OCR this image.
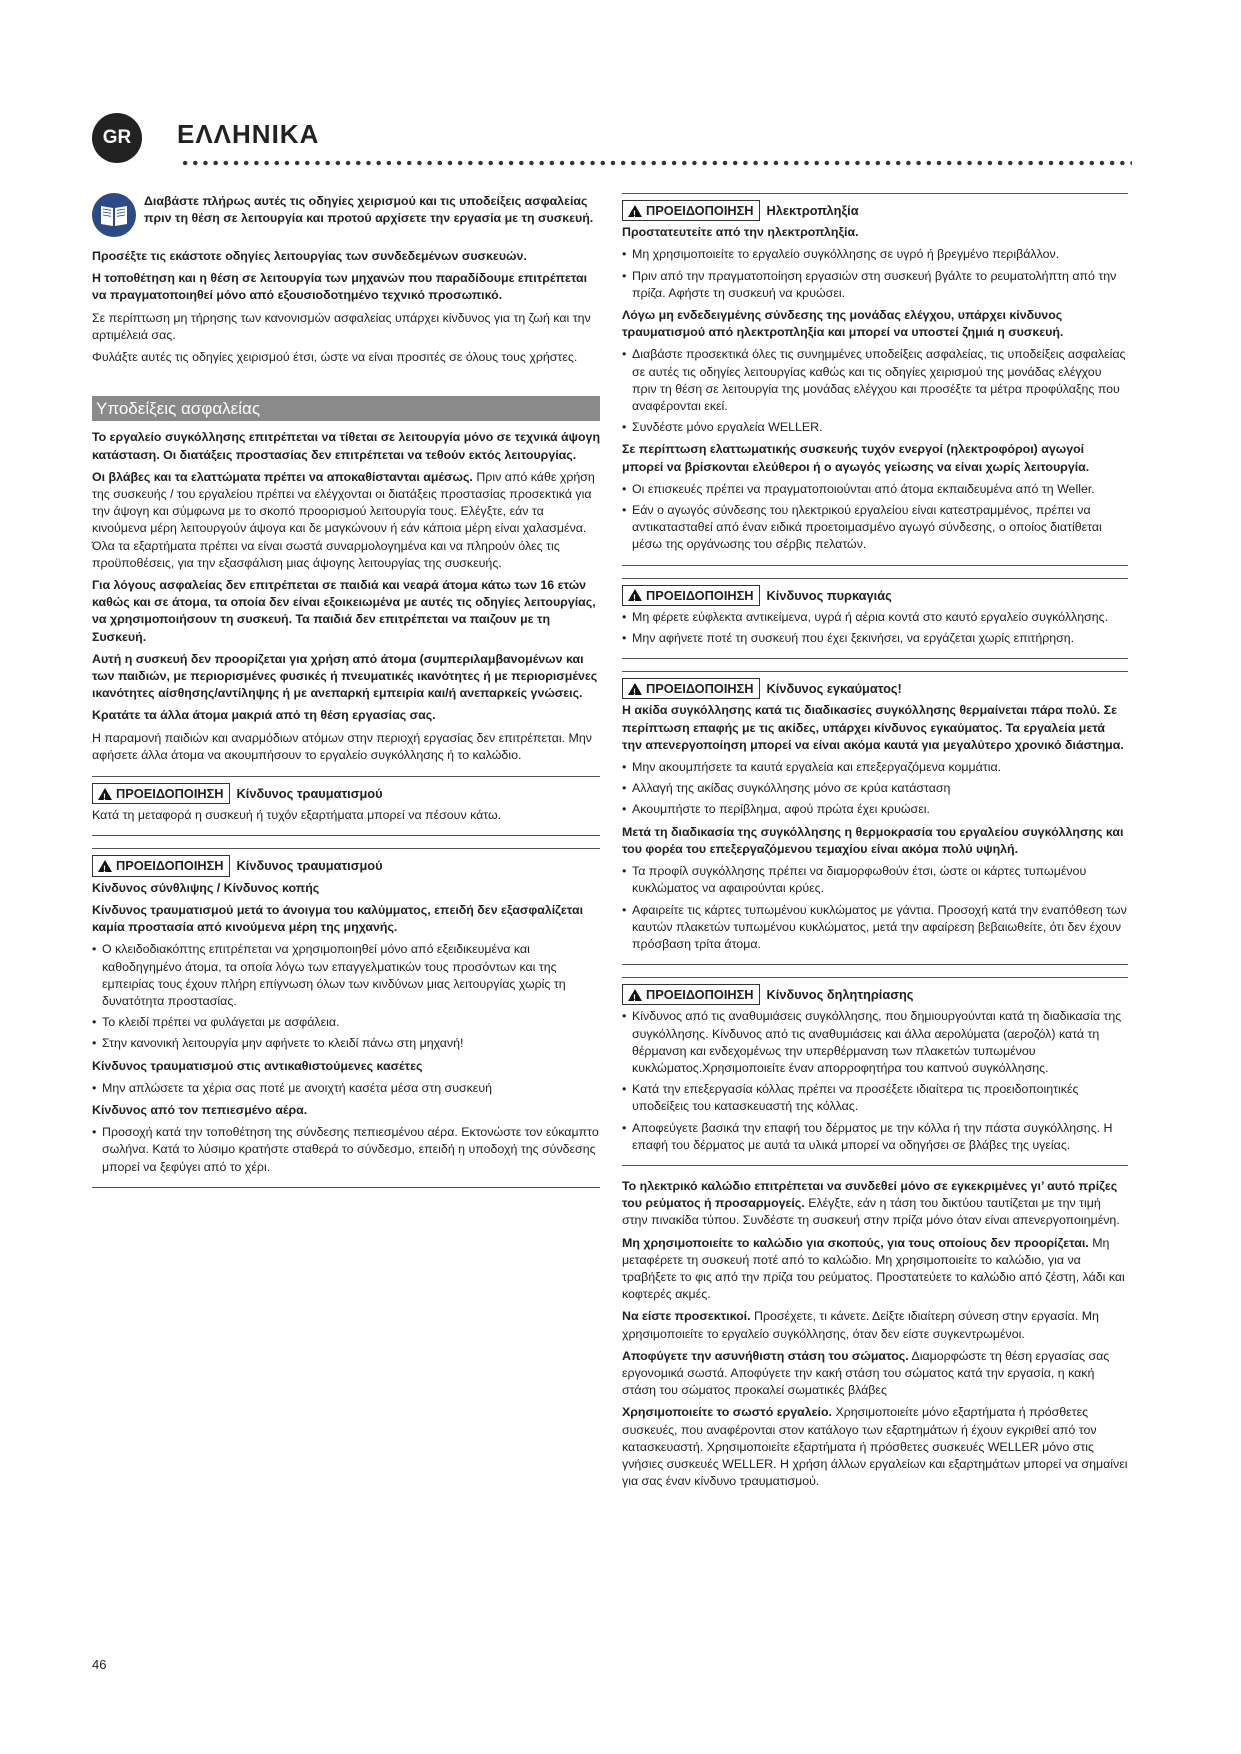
GR	ΕΛΛΗΝΙΚΑ

Διαβάστε πλήρως αυτές τις οδηγίες χειρισμού και τις υποδείξεις ασφαλείας πριν τη θέση σε λειτουργία και προτού αρχίσετε την εργασία με τη συσκευή.

Προσέξτε τις εκάστοτε οδηγίες λειτουργίας των συνδεδεμένων συσκευών.

Η τοποθέτηση και η θέση σε λειτουργία των μηχανών που παραδίδουμε επιτρέπεται να πραγματοποιηθεί μόνο από εξουσιοδοτημένο τεχνικό προσωπικό.

Σε περίπτωση μη τήρησης των κανονισμών ασφαλείας υπάρχει κίνδυνος για τη ζωή και την αρτιμέλειά σας.

Φυλάξτε αυτές τις οδηγίες χειρισμού έτσι, ώστε να είναι προσιτές σε όλους τους χρήστες.

Υποδείξεις ασφαλείας

Το εργαλείο συγκόλλησης επιτρέπεται να τίθεται σε λειτουργία μόνο σε τεχνικά άψογη κατάσταση. Οι διατάξεις προστασίας δεν επιτρέπεται να τεθούν εκτός λειτουργίας.

Οι βλάβες και τα ελαττώματα πρέπει να αποκαθίστανται αμέσως. Πριν από κάθε χρήση της συσκευής / του εργαλείου πρέπει να ελέγχονται οι διατάξεις προστασίας προσεκτικά για την άψογη και σύμφωνα με το σκοπό προορισμού λειτουργία τους. Ελέγξτε, εάν τα κινούμενα μέρη λειτουργούν άψογα και δε μαγκώνουν ή εάν κάποια μέρη είναι χαλασμένα. Όλα τα εξαρτήματα πρέπει να είναι σωστά συναρμολογημένα και να πληρούν όλες τις προϋποθέσεις, για την εξασφάλιση μιας άψογης λειτουργίας της συσκευής.

Για λόγους ασφαλείας δεν επιτρέπεται σε παιδιά και νεαρά άτομα κάτω των 16 ετών καθώς και σε άτομα, τα οποία δεν είναι εξοικειωμένα με αυτές τις οδηγίες λειτουργίας, να χρησιμοποιήσουν τη συσκευή. Τα παιδιά δεν επιτρέπεται να παιζουν με τη Συσκευή.

Αυτή η συσκευή δεν προορίζεται για χρήση από άτομα (συμπεριλαμβανομένων και των παιδιών, με περιορισμένες φυσικές ή πνευματικές ικανότητες ή με περιορισμένες ικανότητες αίσθησης/αντίληψης ή με ανεπαρκή εμπειρία και/ή ανεπαρκείς γνώσεις.

Κρατάτε τα άλλα άτομα μακριά από τη θέση εργασίας σας.

Η παραμονή παιδιών και αναρμόδιων ατόμων στην περιοχή εργασίας δεν επιτρέπεται. Μην αφήσετε άλλα άτομα να ακουμπήσουν το εργαλείο συγκόλλησης ή το καλώδιο.

!
ΠΡΟΕΙΔΟΠΟΙΗΣΗ	Κίνδυνος τραυματισμού

Κατά τη μεταφορά η συσκευή ή τυχόν εξαρτήματα μπορεί να πέσουν κάτω.

!
ΠΡΟΕΙΔΟΠΟΙΗΣΗ	Κίνδυνος τραυματισμού

Κίνδυνος σύνθλιψης / Κίνδυνος κοπής

Κίνδυνος τραυματισμού μετά το άνοιγμα του καλύμματος, επειδή δεν εξασφαλίζεται καμία προστασία από κινούμενα μέρη της μηχανής.

• Ο κλειδοδιακόπτης επιτρέπεται να χρησιμοποιηθεί μόνο από εξειδικευμένα και καθοδηγημένο άτομα, τα οποία λόγω των επαγγελματικών τους προσόντων και της εμπειρίας τους έχουν πλήρη επίγνωση όλων των κινδύνων μιας λειτουργίας χωρίς τη δυνατότητα προστασίας.
• Το κλειδί πρέπει να φυλάγεται με ασφάλεια.
• Στην κανονική λειτουργία μην αφήνετε το κλειδί πάνω στη μηχανή!

Κίνδυνος τραυματισμού στις αντικαθιστούμενες κασέτες

• Μην απλώσετε τα χέρια σας ποτέ με ανοιχτή κασέτα μέσα στη συσκευή

Κίνδυνος από τον πεπιεσμένο αέρα.

• Προσοχή κατά την τοποθέτηση της σύνδεσης πεπιεσμένου αέρα. Εκτονώστε τον εύκαμπτο σωλήνα. Κατά το λύσιμο κρατήστε σταθερά το σύνδεσμο, επειδή η υποδοχή της σύνδεσης μπορεί να ξεφύγει από το χέρι.
!
ΠΡΟΕΙΔΟΠΟΙΗΣΗ	Ηλεκτροπληξία

Προστατευτείτε από την ηλεκτροπληξία.

• Μη χρησιμοποιείτε το εργαλείο συγκόλλησης σε υγρό ή βρεγμένο περιβάλλον.
• Πριν από την πραγματοποίηση εργασιών στη συσκευή βγάλτε το ρευματολήπτη από την πρίζα. Αφήστε τη συσκευή να κρυώσει.

Λόγω μη ενδεδειγμένης σύνδεσης της μονάδας ελέγχου, υπάρχει κίνδυνος τραυματισμού από ηλεκτροπληξία και μπορεί να υποστεί ζημιά η συσκευή.

• Διαβάστε προσεκτικά όλες τις συνημμένες υποδείξεις ασφαλείας, τις υποδείξεις ασφαλείας σε αυτές τις οδηγίες λειτουργίας καθώς και τις οδηγίες χειρισμού της μονάδας ελέγχου πριν τη θέση σε λειτουργία της μονάδας ελέγχου και προσέξτε τα μέτρα προφύλαξης που αναφέρονται εκεί.
• Συνδέστε μόνο εργαλεία WELLER.

Σε περίπτωση ελαττωματικής συσκευής τυχόν ενεργοί (ηλεκτροφόροι) αγωγοί μπορεί να βρίσκονται ελεύθεροι ή ο αγωγός γείωσης να είναι χωρίς λειτουργία.

• Οι επισκευές πρέπει να πραγματοποιούνται από άτομα εκπαιδευμένα από τη Weller.
• Εάν ο αγωγός σύνδεσης του ηλεκτρικού εργαλείου είναι κατεστραμμένος, πρέπει να αντικατασταθεί από έναν ειδικά προετοιμασμένο αγωγό σύνδεσης, ο οποίος διατίθεται μέσω της οργάνωσης του σέρβις πελατών.
!
ΠΡΟΕΙΔΟΠΟΙΗΣΗ	Κίνδυνος πυρκαγιάς
• Μη φέρετε εύφλεκτα αντικείμενα, υγρά ή αέρια κοντά στο καυτό εργαλείο συγκόλλησης.
• Μην αφήνετε ποτέ τη συσκευή που έχει ξεκινήσει, να εργάζεται χωρίς επιτήρηση.
!
ΠΡΟΕΙΔΟΠΟΙΗΣΗ	Κίνδυνος εγκαύματος!

Η ακίδα συγκόλλησης κατά τις διαδικασίες συγκόλλησης θερμαίνεται πάρα πολύ. Σε περίπτωση επαφής με τις ακίδες, υπάρχει κίνδυνος εγκαύματος. Τα εργαλεία μετά την απενεργοποίηση μπορεί να είναι ακόμα καυτά για μεγαλύτερο χρονικό διάστημα.

• Μην ακουμπήσετε τα καυτά εργαλεία και επεξεργαζόμενα κομμάτια.
• Αλλαγή της ακίδας συγκόλλησης μόνο σε κρύα κατάσταση
• Ακουμπήστε το περίβλημα, αφού πρώτα έχει κρυώσει.

Μετά τη διαδικασία της συγκόλλησης η θερμοκρασία του εργαλείου συγκόλλησης και του φορέα του επεξεργαζόμενου τεμαχίου είναι ακόμα πολύ υψηλή.

• Τα προφίλ συγκόλλησης πρέπει να διαμορφωθούν έτσι, ώστε οι κάρτες τυπωμένου κυκλώματος να αφαιρούνται κρύες.
• Αφαιρείτε τις κάρτες τυπωμένου κυκλώματος με γάντια. Προσοχή κατά την εναπόθεση των καυτών πλακετών τυπωμένου κυκλώματος, μετά την αφαίρεση βεβαιωθείτε, ότι δεν έχουν πρόσβαση τρίτα άτομα.
!
ΠΡΟΕΙΔΟΠΟΙΗΣΗ	Κίνδυνος δηλητηρίασης
• Κίνδυνος από τις αναθυμιάσεις συγκόλλησης, που δημιουργούνται κατά τη διαδικασία της συγκόλλησης. Κίνδυνος από τις αναθυμιάσεις και άλλα αερολύματα (αεροζόλ) κατά τη θέρμανση και ενδεχομένως την υπερθέρμανση των πλακετών τυπωμένου κυκλώματος.Χρησιμοποιείτε έναν απορροφητήρα του καπνού συγκόλλησης.
• Κατά την επεξεργασία κόλλας πρέπει να προσέξετε ιδιαίτερα τις προειδοποιητικές υποδείξεις του κατασκευαστή της κόλλας.
• Αποφεύγετε βασικά την επαφή του δέρματος με την κόλλα ή την πάστα συγκόλλησης. Η επαφή του δέρματος με αυτά τα υλικά μπορεί να οδηγήσει σε βλάβες της υγείας.

Το ηλεκτρικό καλώδιο επιτρέπεται να συνδεθεί μόνο σε εγκεκριμένες γι’ αυτό πρίζες του ρεύματος ή προσαρμογείς. Ελέγξτε, εάν η τάση του δικτύου ταυτίζεται με την τιμή στην πινακίδα τύπου. Συνδέστε τη συσκευή στην πρίζα μόνο όταν είναι απενεργοποιημένη.

Μη χρησιμοποιείτε το καλώδιο για σκοπούς, για τους οποίους δεν προορίζεται. Μη μεταφέρετε τη συσκευή ποτέ από το καλώδιο. Μη χρησιμοποιείτε το καλώδιο, για να τραβήξετε το φις από την πρίζα του ρεύματος. Προστατεύετε το καλώδιο από ζέστη, λάδι και κοφτερές ακμές.

Να είστε προσεκτικοί. Προσέχετε, τι κάνετε. Δείξτε ιδιαίτερη σύνεση στην εργασία. Μη χρησιμοποιείτε το εργαλείο συγκόλλησης, όταν δεν είστε συγκεντρωμένοι.

Αποφύγετε την ασυνήθιστη στάση του σώματος. Διαμορφώστε τη θέση εργασίας σας εργονομικά σωστά. Αποφύγετε την κακή στάση του σώματος κατά την εργασία, η κακή στάση του σώματος προκαλεί σωματικές βλάβες

Χρησιμοποιείτε το σωστό εργαλείο. Χρησιμοποιείτε μόνο εξαρτήματα ή πρόσθετες συσκευές, που αναφέρονται στον κατάλογο των εξαρτημάτων ή έχουν εγκριθεί από τον κατασκευαστή. Χρησιμοποιείτε εξαρτήματα ή πρόσθετες συσκευές WELLER μόνο στις γνήσιες συσκευές WELLER. Η χρήση άλλων εργαλείων και εξαρτημάτων μπορεί να σημαίνει για σας έναν κίνδυνο τραυματισμού.

46
